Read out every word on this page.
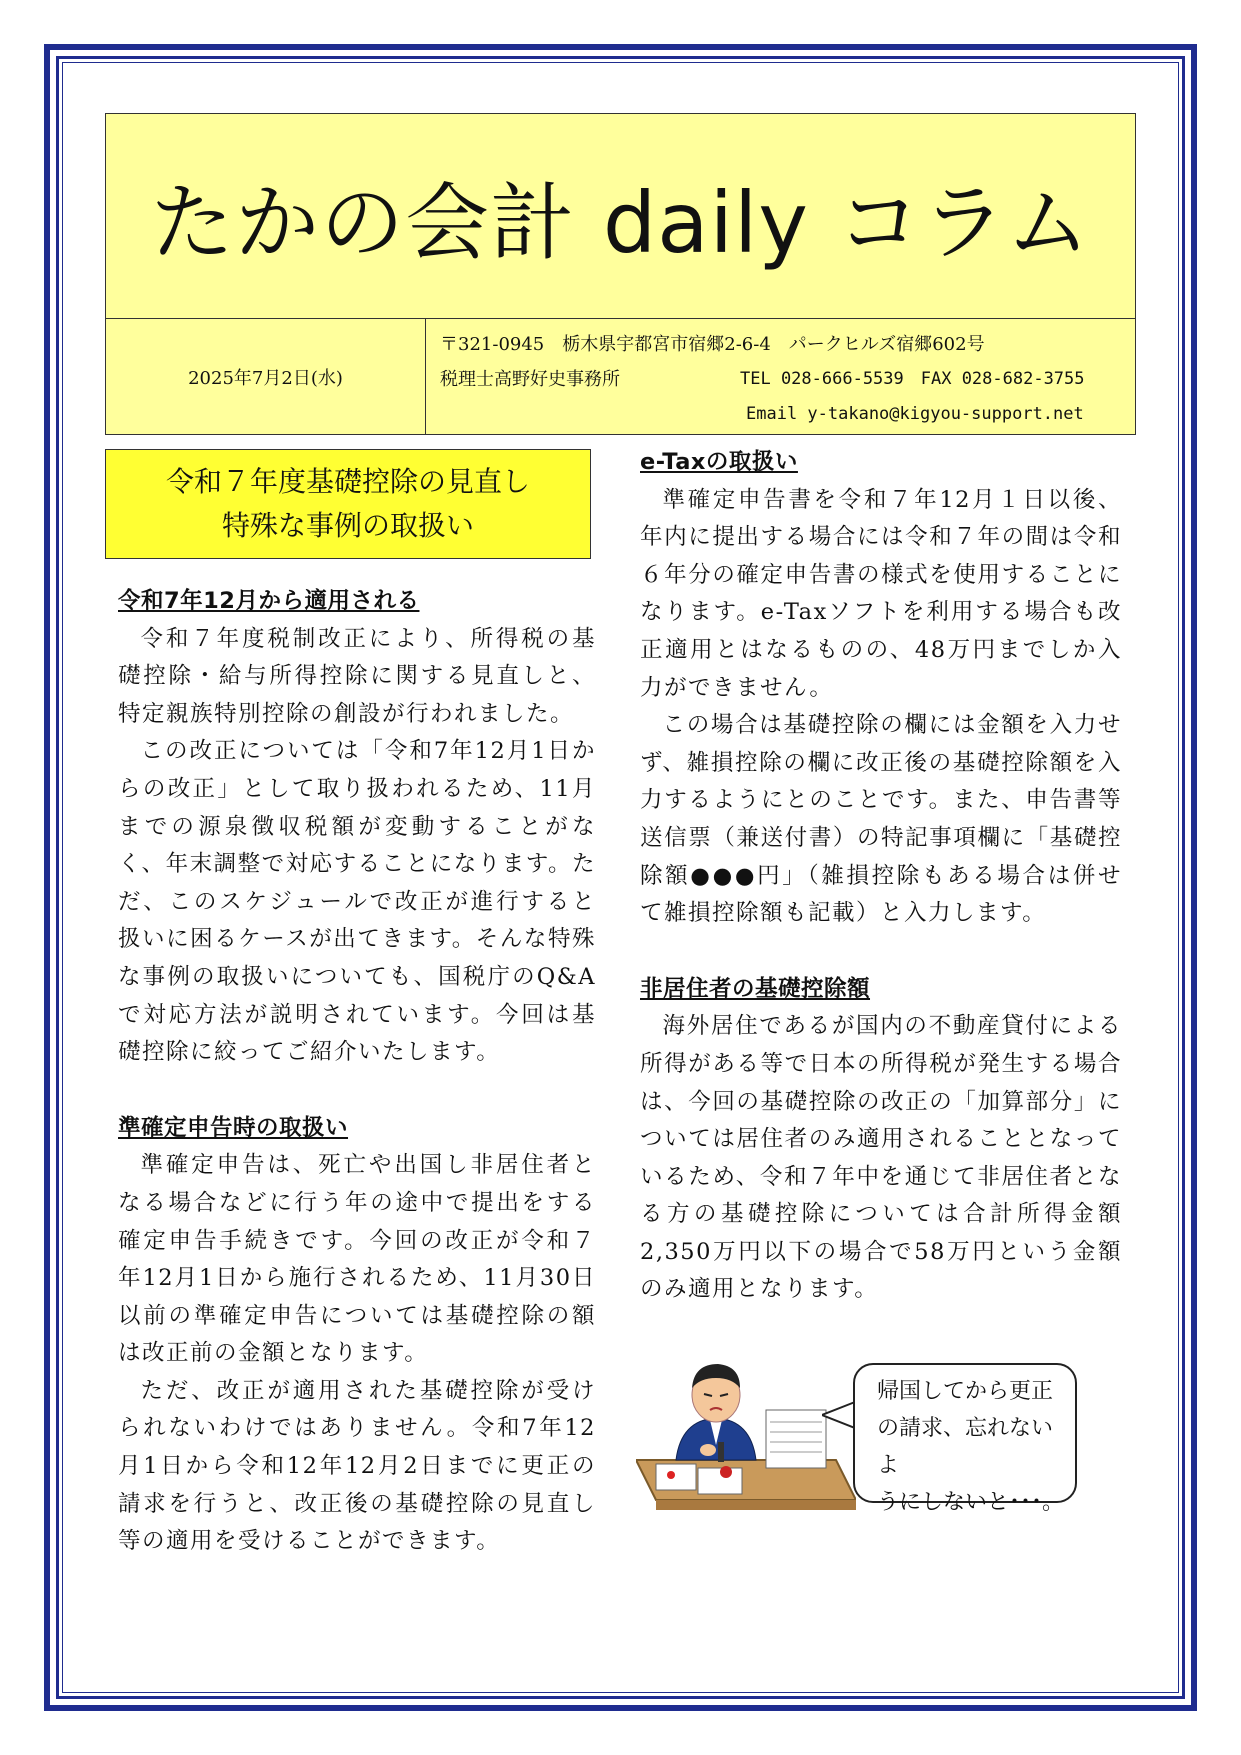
たかの会計 daily コラム
2025年7月2日(水)
〒321-0945　栃木県宇都宮市宿郷2-6-4　パークヒルズ宿郷602号
税理士高野好史事務所	TEL 028-666-5539　FAX 028-682-3755
Email y-takano@kigyou-support.net
令和７年度基礎控除の見直し
特殊な事例の取扱い
令和7年12月から適用される

令和７年度税制改正により、所得税の基礎控除・給与所得控除に関する見直しと、特定親族特別控除の創設が行われました。

この改正については「令和7年12月1日からの改正」として取り扱われるため、11月までの源泉徴収税額が変動することがなく、年末調整で対応することになります。ただ、このスケジュールで改正が進行すると扱いに困るケースが出てきます。そんな特殊な事例の取扱いについても、国税庁のQ&Aで対応方法が説明されています。今回は基礎控除に絞ってご紹介いたします。

準確定申告時の取扱い

準確定申告は、死亡や出国し非居住者となる場合などに行う年の途中で提出をする確定申告手続きです。今回の改正が令和７年12月1日から施行されるため、11月30日以前の準確定申告については基礎控除の額は改正前の金額となります。

ただ、改正が適用された基礎控除が受けられないわけではありません。令和7年12月1日から令和12年12月2日までに更正の請求を行うと、改正後の基礎控除の見直し等の適用を受けることができます。

e-Taxの取扱い

準確定申告書を令和７年12月１日以後、年内に提出する場合には令和７年の間は令和６年分の確定申告書の様式を使用することになります。e-Taxソフトを利用する場合も改正適用とはなるものの、48万円までしか入力ができません。

この場合は基礎控除の欄には金額を入力せず、雑損控除の欄に改正後の基礎控除額を入力するようにとのことです。また、申告書等送信票（兼送付書）の特記事項欄に「基礎控除額●●●円」（雑損控除もある場合は併せて雑損控除額も記載）と入力します。

非居住者の基礎控除額

海外居住であるが国内の不動産貸付による所得がある等で日本の所得税が発生する場合は、今回の基礎控除の改正の「加算部分」については居住者のみ適用されることとなっているため、令和７年中を通じて非居住者となる方の基礎控除については合計所得金額2,350万円以下の場合で58万円という金額のみ適用となります。

帰国してから更正
の請求、忘れないよ
うにしないと･･･。
